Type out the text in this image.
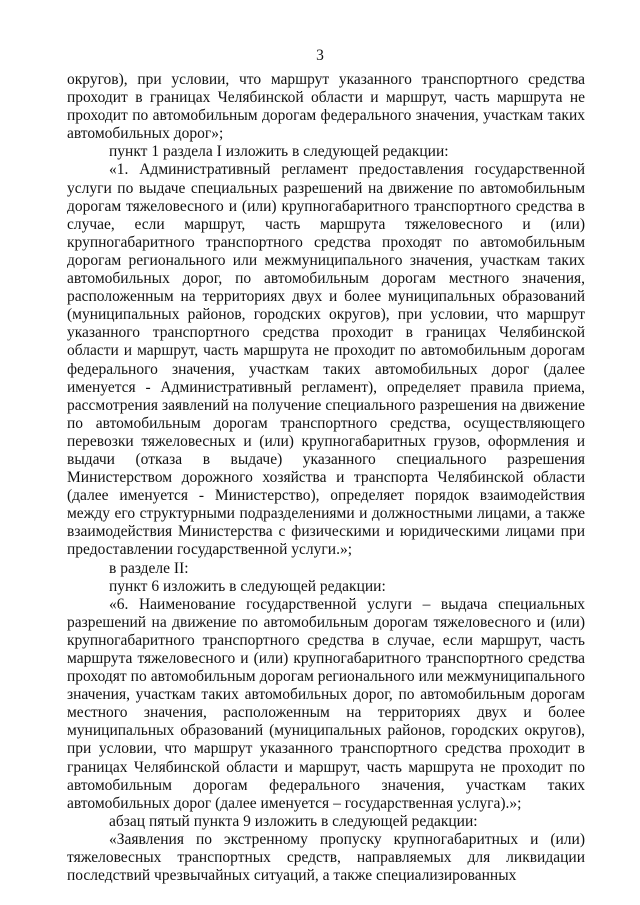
3

округов), при условии, что маршрут указанного транспортного средства проходит в границах Челябинской области и маршрут, часть маршрута не проходит по автомобильным дорогам федерального значения, участкам таких автомобильных дорог»;

пункт 1 раздела I изложить в следующей редакции:

«1. Административный регламент предоставления государственной услуги по выдаче специальных разрешений на движение по автомобильным дорогам тяжеловесного и (или) крупногабаритного транспортного средства в случае, если маршрут, часть маршрута тяжеловесного и (или) крупногабаритного транспортного средства проходят по автомобильным дорогам регионального или межмуниципального значения, участкам таких автомобильных дорог, по автомобильным дорогам местного значения, расположенным на территориях двух и более муниципальных образований (муниципальных районов, городских округов), при условии, что маршрут указанного транспортного средства проходит в границах Челябинской области и маршрут, часть маршрута не проходит по автомобильным дорогам федерального значения, участкам таких автомобильных дорог (далее именуется - Административный регламент), определяет правила приема, рассмотрения заявлений на получение специального разрешения на движение по автомобильным дорогам транспортного средства, осуществляющего перевозки тяжеловесных и (или) крупногабаритных грузов, оформления и выдачи (отказа в выдаче) указанного специального разрешения Министерством дорожного хозяйства и транспорта Челябинской области (далее именуется - Министерство), определяет порядок взаимодействия между его структурными подразделениями и должностными лицами, а также взаимодействия Министерства с физическими и юридическими лицами при предоставлении государственной услуги.»;

в разделе II:

пункт 6 изложить в следующей редакции:

«6. Наименование государственной услуги – выдача специальных разрешений на движение по автомобильным дорогам тяжеловесного и (или) крупногабаритного транспортного средства в случае, если маршрут, часть маршрута тяжеловесного и (или) крупногабаритного транспортного средства проходят по автомобильным дорогам регионального или межмуниципального значения, участкам таких автомобильных дорог, по автомобильным дорогам местного значения, расположенным на территориях двух и более муниципальных образований (муниципальных районов, городских округов), при условии, что маршрут указанного транспортного средства проходит в границах Челябинской области и маршрут, часть маршрута не проходит по автомобильным дорогам федерального значения, участкам таких автомобильных дорог (далее именуется – государственная услуга).»;

абзац пятый пункта 9 изложить в следующей редакции:

«Заявления по экстренному пропуску крупногабаритных и (или) тяжеловесных транспортных средств, направляемых для ликвидации последствий чрезвычайных ситуаций, а также специализированных
